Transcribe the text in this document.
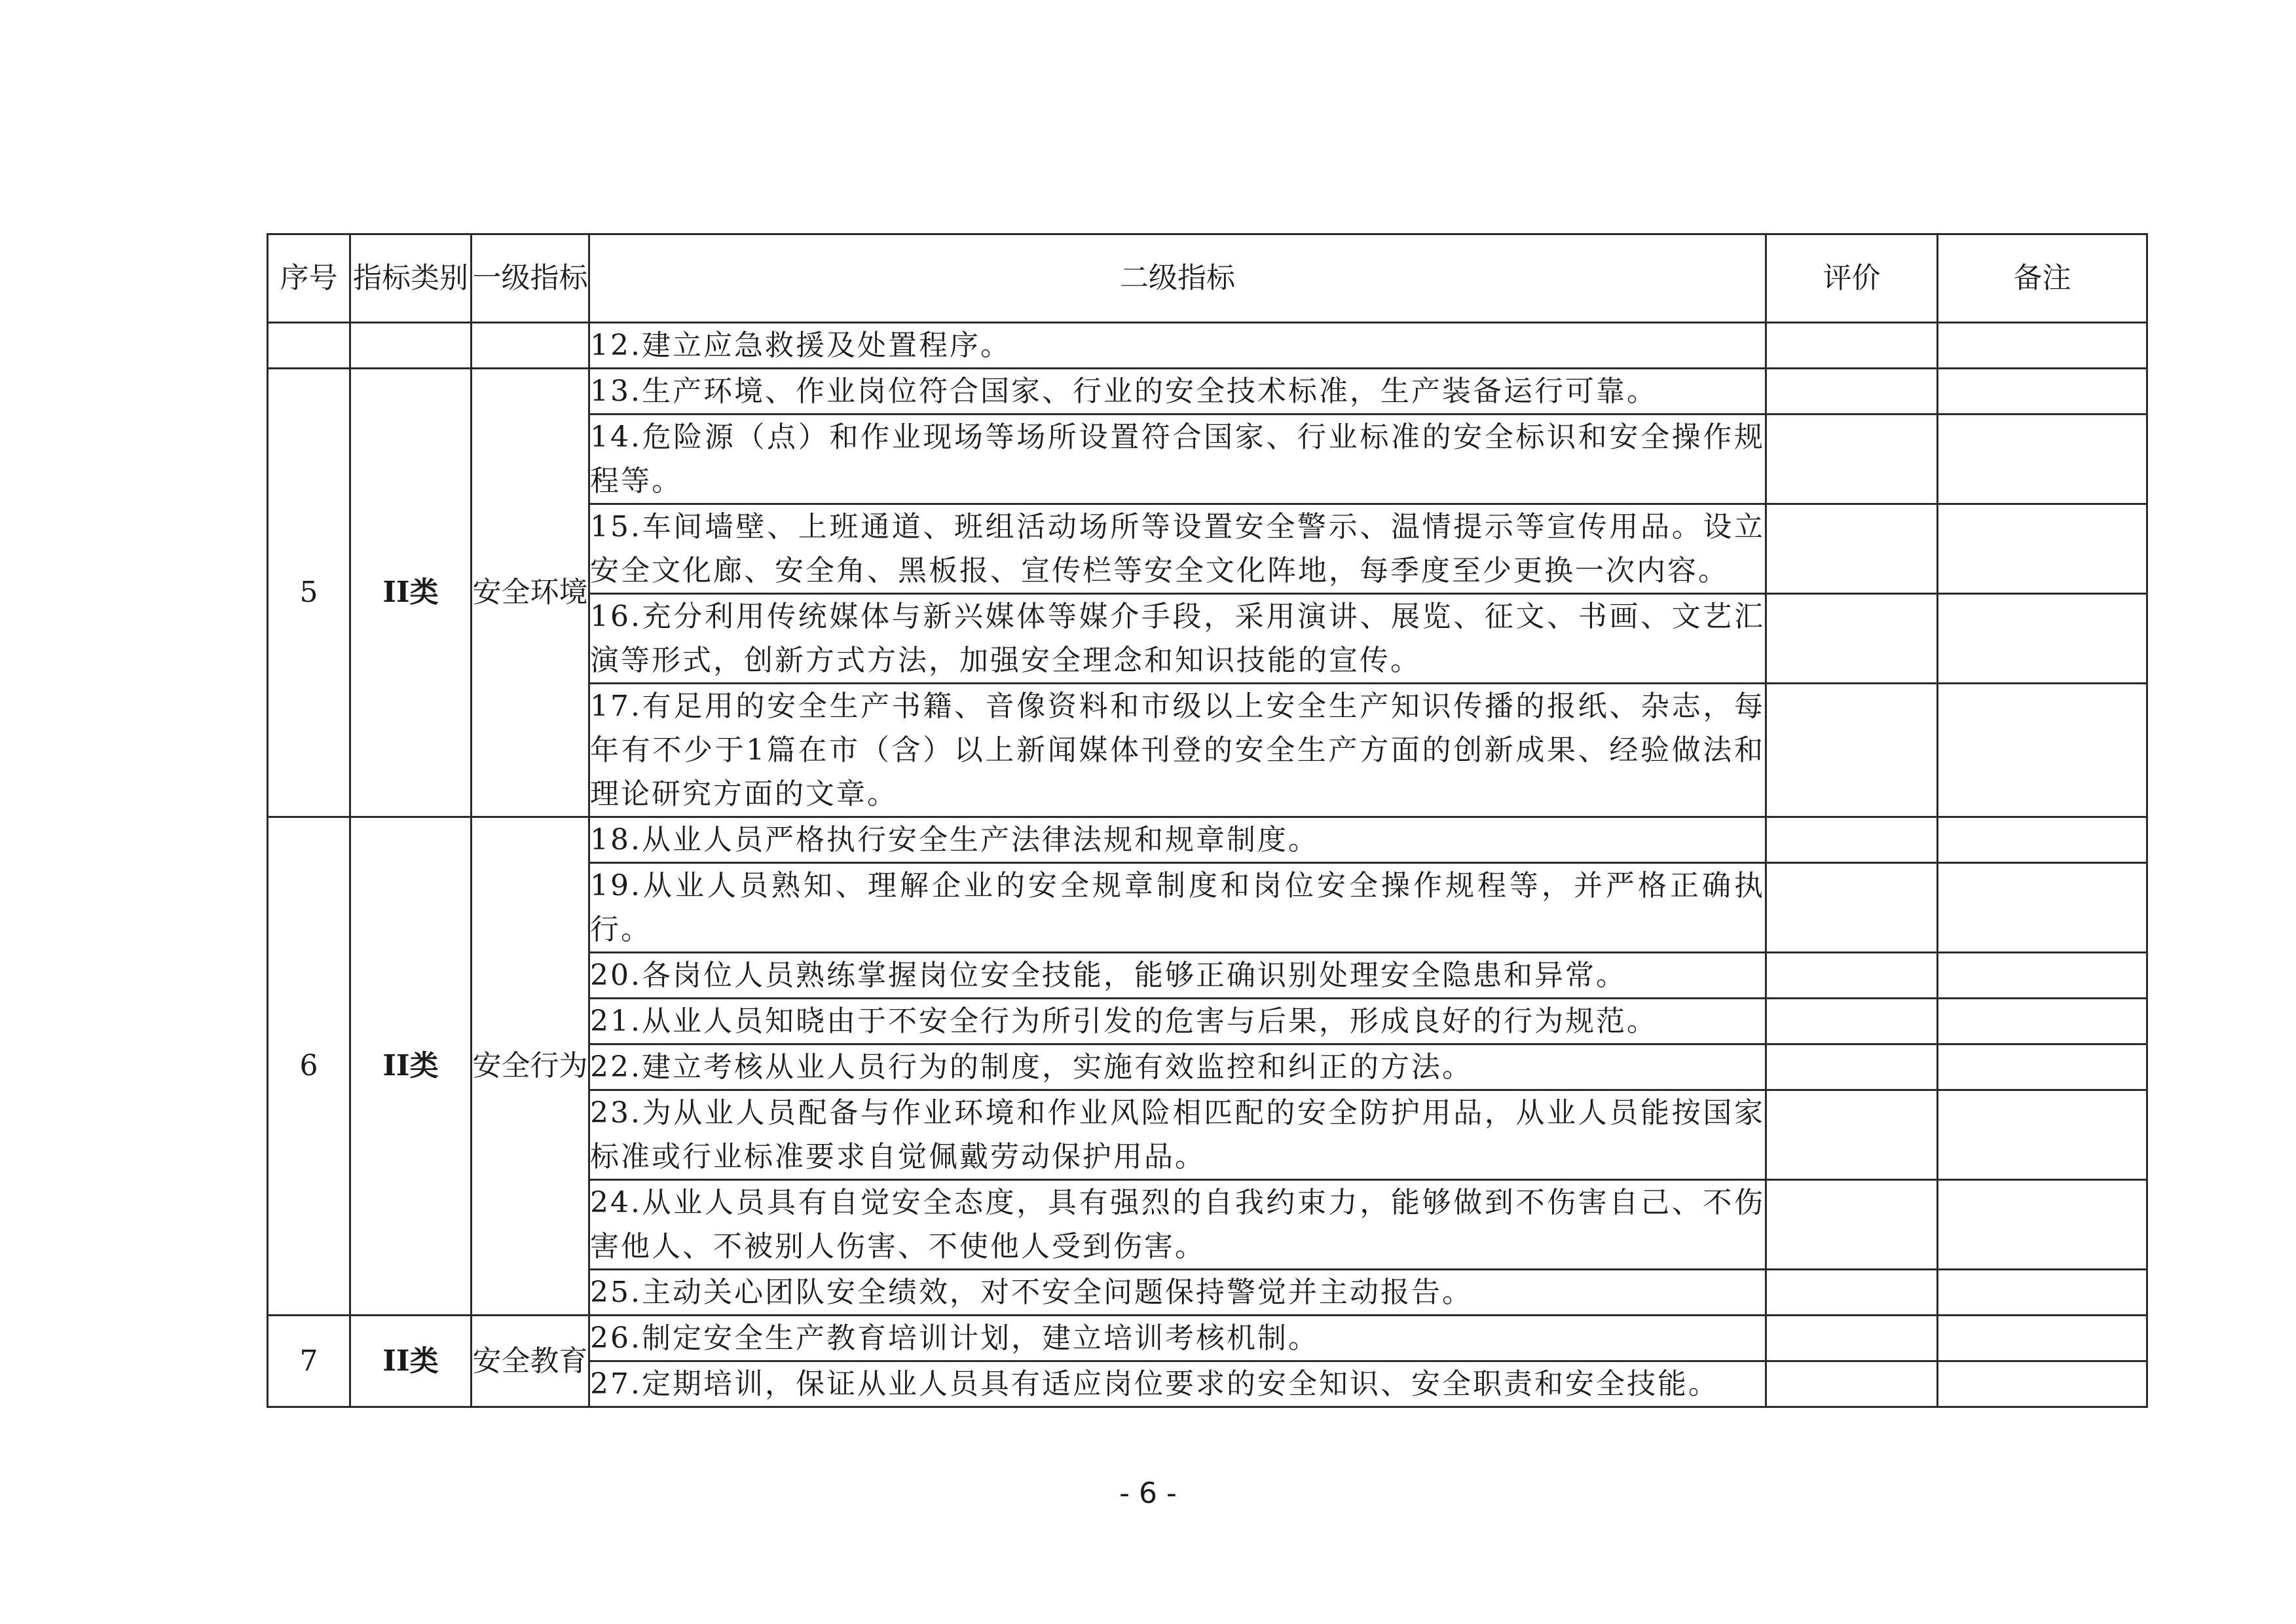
序号	指标类别	一级指标	二级指标	评价	备注
			12.建立应急救援及处置程序。		
5	II类	安全环境	13.生产环境、作业岗位符合国家、行业的安全技术标准，生产装备运行可靠。		
			14.危险源（点）和作业现场等场所设置符合国家、行业标准的安全标识和安全操作规程等。		
			15.车间墙壁、上班通道、班组活动场所等设置安全警示、温情提示等宣传用品。设立安全文化廊、安全角、黑板报、宣传栏等安全文化阵地，每季度至少更换一次内容。		
			16.充分利用传统媒体与新兴媒体等媒介手段，采用演讲、展览、征文、书画、文艺汇演等形式，创新方式方法，加强安全理念和知识技能的宣传。		
			17.有足用的安全生产书籍、音像资料和市级以上安全生产知识传播的报纸、杂志，每年有不少于1篇在市（含）以上新闻媒体刊登的安全生产方面的创新成果、经验做法和理论研究方面的文章。		
6	II类	安全行为	18.从业人员严格执行安全生产法律法规和规章制度。		
			19.从业人员熟知、理解企业的安全规章制度和岗位安全操作规程等，并严格正确执行。		
			20.各岗位人员熟练掌握岗位安全技能，能够正确识别处理安全隐患和异常。		
			21.从业人员知晓由于不安全行为所引发的危害与后果，形成良好的行为规范。		
			22.建立考核从业人员行为的制度，实施有效监控和纠正的方法。		
			23.为从业人员配备与作业环境和作业风险相匹配的安全防护用品，从业人员能按国家标准或行业标准要求自觉佩戴劳动保护用品。		
			24.从业人员具有自觉安全态度，具有强烈的自我约束力，能够做到不伤害自己、不伤害他人、不被别人伤害、不使他人受到伤害。		
			25.主动关心团队安全绩效，对不安全问题保持警觉并主动报告。		
7	II类	安全教育	26.制定安全生产教育培训计划，建立培训考核机制。		
			27.定期培训，保证从业人员具有适应岗位要求的安全知识、安全职责和安全技能。		
- 6 -
